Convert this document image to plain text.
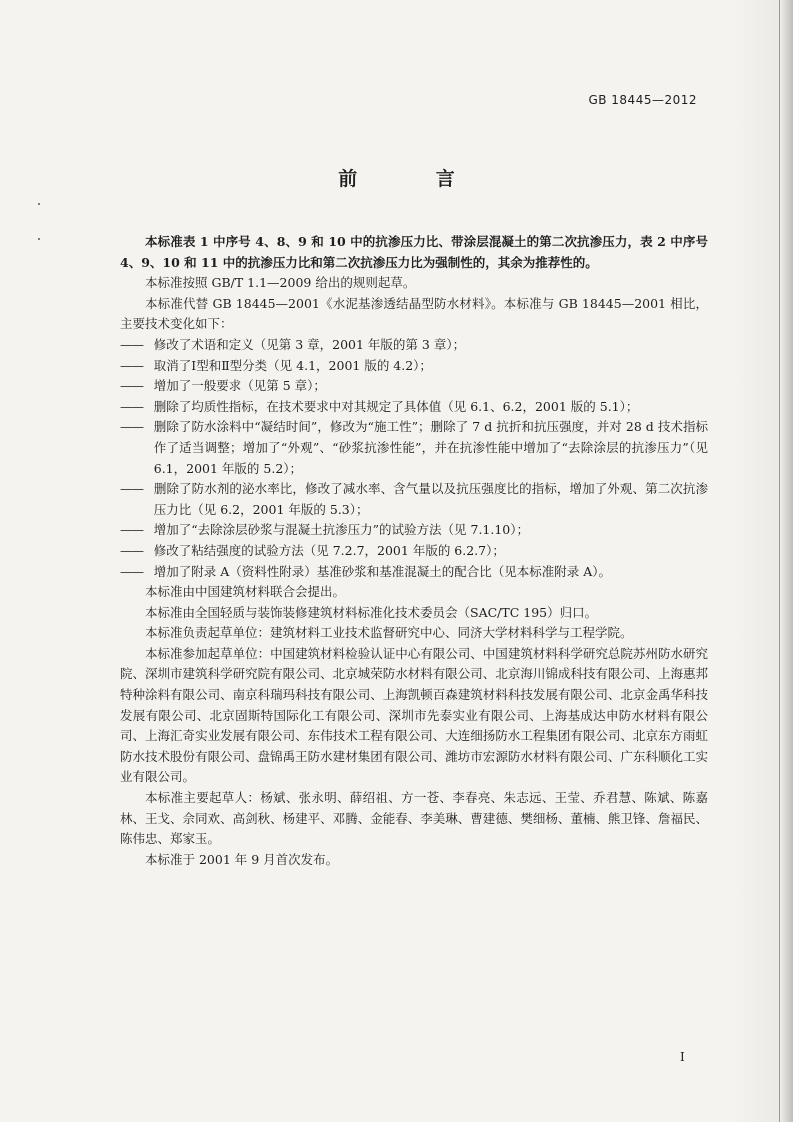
GB 18445—2012
前 言

本标准表 1 中序号 4、8、9 和 10 中的抗渗压力比、带涂层混凝土的第二次抗渗压力，表 2 中序号 4、9、10 和 11 中的抗渗压力比和第二次抗渗压力比为强制性的，其余为推荐性的。

本标准按照 GB/T 1.1—2009 给出的规则起草。

本标准代替 GB 18445—2001《水泥基渗透结晶型防水材料》。本标准与 GB 18445—2001 相比，主要技术变化如下：

——修改了术语和定义（见第 3 章，2001 年版的第 3 章）；
——取消了Ⅰ型和Ⅱ型分类（见 4.1，2001 版的 4.2）；
——增加了一般要求（见第 5 章）；
——删除了均质性指标，在技术要求中对其规定了具体值（见 6.1、6.2，2001 版的 5.1）；
——删除了防水涂料中“凝结时间”，修改为“施工性”；删除了 7 d 抗折和抗压强度，并对 28 d 技术指标作了适当调整；增加了“外观”、“砂浆抗渗性能”，并在抗渗性能中增加了“去除涂层的抗渗压力”（见 6.1，2001 年版的 5.2）；
——删除了防水剂的泌水率比，修改了减水率、含气量以及抗压强度比的指标，增加了外观、第二次抗渗压力比（见 6.2，2001 年版的 5.3）；
——增加了“去除涂层砂浆与混凝土抗渗压力”的试验方法（见 7.1.10）；
——修改了粘结强度的试验方法（见 7.2.7，2001 年版的 6.2.7）；
——增加了附录 A（资料性附录）基准砂浆和基准混凝土的配合比（见本标准附录 A）。

本标准由中国建筑材料联合会提出。

本标准由全国轻质与装饰装修建筑材料标准化技术委员会（SAC/TC 195）归口。

本标准负责起草单位：建筑材料工业技术监督研究中心、同济大学材料科学与工程学院。

本标准参加起草单位：中国建筑材料检验认证中心有限公司、中国建筑材料科学研究总院苏州防水研究院、深圳市建筑科学研究院有限公司、北京城荣防水材料有限公司、北京海川锦成科技有限公司、上海惠邦特种涂料有限公司、南京科瑞玛科技有限公司、上海凯顿百森建筑材料科技发展有限公司、北京金禹华科技发展有限公司、北京固斯特国际化工有限公司、深圳市先泰实业有限公司、上海基成达申防水材料有限公司、上海汇奇实业发展有限公司、东伟技术工程有限公司、大连细扬防水工程集团有限公司、北京东方雨虹防水技术股份有限公司、盘锦禹王防水建材集团有限公司、潍坊市宏源防水材料有限公司、广东科顺化工实业有限公司。

本标准主要起草人：杨斌、张永明、薛绍祖、方一苍、李春亮、朱志远、王莹、乔君慧、陈斌、陈嘉林、王戈、佘同欢、高剑秋、杨建平、邓腾、金能春、李美琳、曹建德、樊细杨、董楠、熊卫锋、詹福民、陈伟忠、郑家玉。

本标准于 2001 年 9 月首次发布。

I
